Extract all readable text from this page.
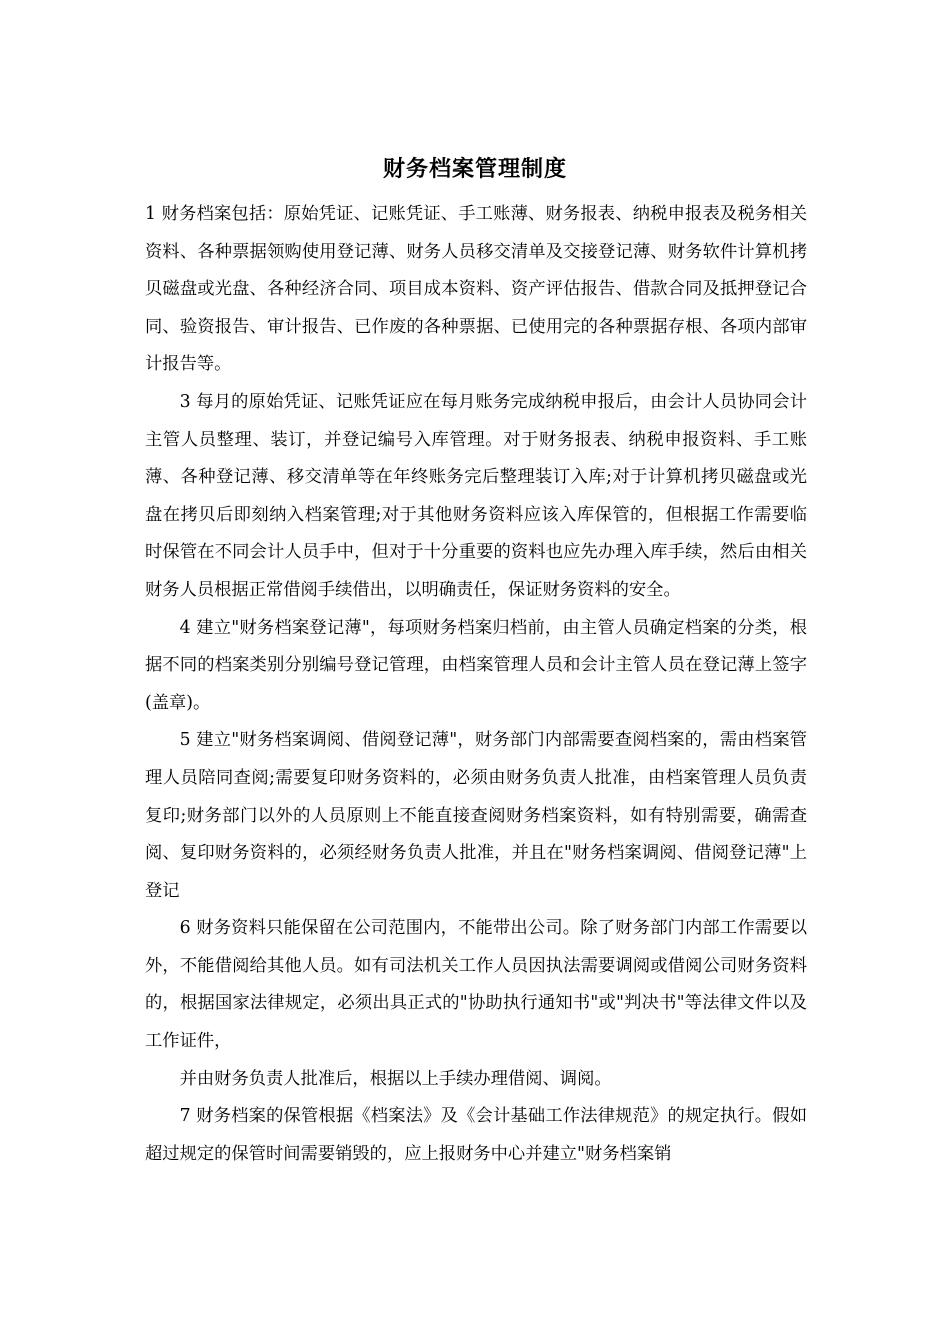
财务档案管理制度

1 财务档案包括：原始凭证、记账凭证、手工账薄、财务报表、纳税申报表及税务相关资料、各种票据领购使用登记薄、财务人员移交清单及交接登记薄、财务软件计算机拷贝磁盘或光盘、各种经济合同、项目成本资料、资产评估报告、借款合同及抵押登记合同、验资报告、审计报告、已作废的各种票据、已使用完的各种票据存根、各项内部审计报告等。

3 每月的原始凭证、记账凭证应在每月账务完成纳税申报后，由会计人员协同会计主管人员整理、装订，并登记编号入库管理。对于财务报表、纳税申报资料、手工账薄、各种登记薄、移交清单等在年终账务完后整理装订入库;对于计算机拷贝磁盘或光盘在拷贝后即刻纳入档案管理;对于其他财务资料应该入库保管的，但根据工作需要临时保管在不同会计人员手中，但对于十分重要的资料也应先办理入库手续，然后由相关财务人员根据正常借阅手续借出，以明确责任，保证财务资料的安全。

4 建立"财务档案登记薄"，每项财务档案归档前，由主管人员确定档案的分类，根据不同的档案类别分别编号登记管理，由档案管理人员和会计主管人员在登记薄上签字(盖章)。

5 建立"财务档案调阅、借阅登记薄"，财务部门内部需要查阅档案的，需由档案管理人员陪同查阅;需要复印财务资料的，必须由财务负责人批准，由档案管理人员负责复印;财务部门以外的人员原则上不能直接查阅财务档案资料，如有特别需要，确需查阅、复印财务资料的，必须经财务负责人批准，并且在"财务档案调阅、借阅登记薄"上登记

6 财务资料只能保留在公司范围内，不能带出公司。除了财务部门内部工作需要以外，不能借阅给其他人员。如有司法机关工作人员因执法需要调阅或借阅公司财务资料的，根据国家法律规定，必须出具正式的"协助执行通知书"或"判决书"等法律文件以及工作证件，

并由财务负责人批准后，根据以上手续办理借阅、调阅。

7 财务档案的保管根据《档案法》及《会计基础工作法律规范》的规定执行。假如超过规定的保管时间需要销毁的，应上报财务中心并建立"财务档案销
